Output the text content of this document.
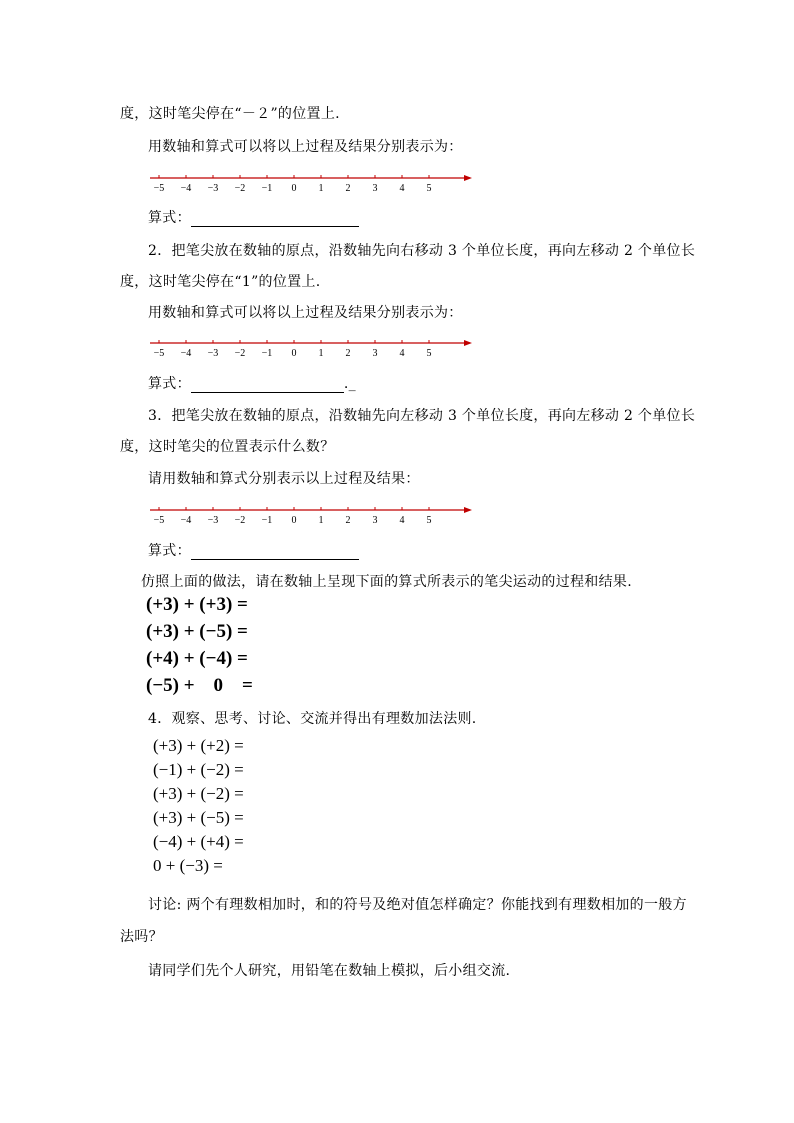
度，这时笔尖停在“－２”的位置上.
用数轴和算式可以将以上过程及结果分别表示为：
−5 −4 −3 −2 −1 0 1 2 3 4 5
算式：
2．把笔尖放在数轴的原点，沿数轴先向右移动 3 个单位长度，再向左移动 2 个单位长
度，这时笔尖停在“1”的位置上.
用数轴和算式可以将以上过程及结果分别表示为：
−5 −4 −3 −2 −1 0 1 2 3 4 5
算式：	._
3．把笔尖放在数轴的原点，沿数轴先向左移动 3 个单位长度，再向左移动 2 个单位长
度，这时笔尖的位置表示什么数？
请用数轴和算式分别表示以上过程及结果：
−5 −4 −3 −2 −1 0 1 2 3 4 5
算式：
仿照上面的做法，请在数轴上呈现下面的算式所表示的笔尖运动的过程和结果.
(+3) + (+3) =
(+3) + (−5) =
(+4) + (−4) =
(−5) +    0    =
4．观察、思考、讨论、交流并得出有理数加法法则.
(+3) + (+2) =
(−1) + (−2) =
(+3) + (−2) =
(+3) + (−5) =
(−4) + (+4) =
0 + (−3) =
讨论: 两个有理数相加时，和的符号及绝对值怎样确定？你能找到有理数相加的一般方
法吗？
请同学们先个人研究，用铅笔在数轴上模拟，后小组交流.
